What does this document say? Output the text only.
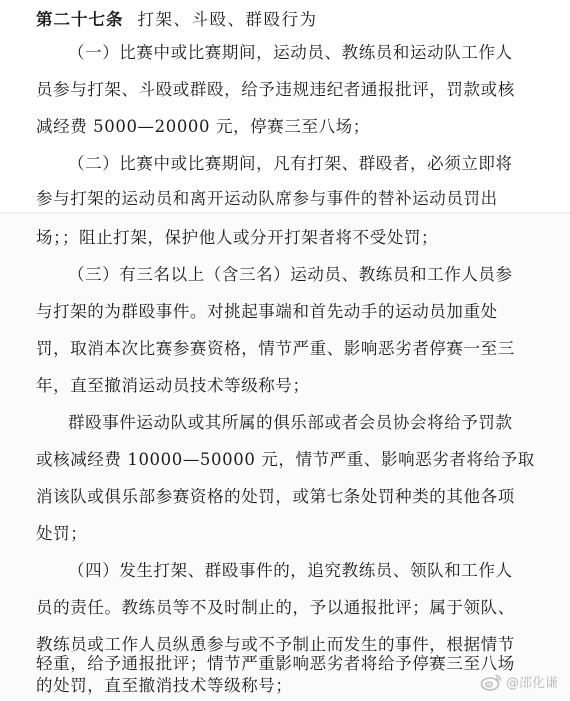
第二十七条 打架、斗殴、群殴行为
（一）比赛中或比赛期间，运动员、教练员和运动队工作人
员参与打架、斗殴或群殴，给予违规违纪者通报批评，罚款或核
减经费 5000—20000 元，停赛三至八场；
（二）比赛中或比赛期间，凡有打架、群殴者，必须立即将
参与打架的运动员和离开运动队席参与事件的替补运动员罚出
场；；阻止打架，保护他人或分开打架者将不受处罚；
（三）有三名以上（含三名）运动员、教练员和工作人员参
与打架的为群殴事件。对挑起事端和首先动手的运动员加重处
罚，取消本次比赛参赛资格，情节严重、影响恶劣者停赛一至三
年，直至撤消运动员技术等级称号；
群殴事件运动队或其所属的俱乐部或者会员协会将给予罚款
或核减经费 10000—50000 元，情节严重、影响恶劣者将给予取
消该队或俱乐部参赛资格的处罚，或第七条处罚种类的其他各项
处罚；
（四）发生打架、群殴事件的，追究教练员、领队和工作人
员的责任。教练员等不及时制止的，予以通报批评；属于领队、
教练员或工作人员纵恿参与或不予制止而发生的事件，根据情节
轻重，给予通报批评；情节严重影响恶劣者将给予停赛三至八场
的处罚，直至撤消技术等级称号；	@邵化谦
